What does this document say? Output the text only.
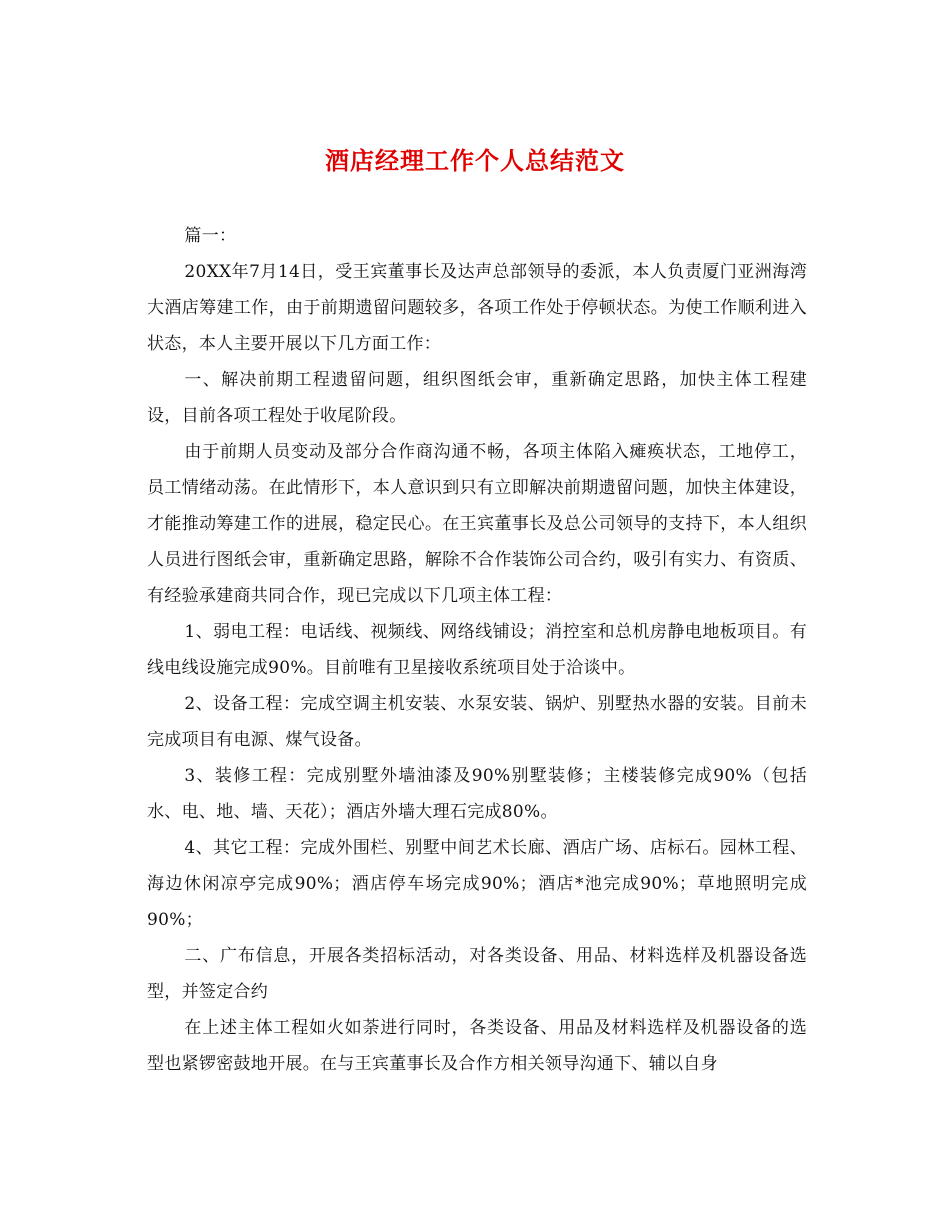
酒店经理工作个人总结范文

篇一：

20XX年7月14日，受王宾董事长及达声总部领导的委派，本人负责厦门亚洲海湾大酒店筹建工作，由于前期遗留问题较多，各项工作处于停顿状态。为使工作顺利进入状态，本人主要开展以下几方面工作：

一、解决前期工程遗留问题，组织图纸会审，重新确定思路，加快主体工程建设，目前各项工程处于收尾阶段。

由于前期人员变动及部分合作商沟通不畅，各项主体陷入瘫痪状态，工地停工，员工情绪动荡。在此情形下，本人意识到只有立即解决前期遗留问题，加快主体建设，才能推动筹建工作的进展，稳定民心。在王宾董事长及总公司领导的支持下，本人组织人员进行图纸会审，重新确定思路，解除不合作装饰公司合约，吸引有实力、有资质、有经验承建商共同合作，现已完成以下几项主体工程：

1、弱电工程：电话线、视频线、网络线铺设；消控室和总机房静电地板项目。有线电线设施完成90%。目前唯有卫星接收系统项目处于洽谈中。

2、设备工程：完成空调主机安装、水泵安装、锅炉、别墅热水器的安装。目前未完成项目有电源、煤气设备。

3、装修工程：完成别墅外墙油漆及90%别墅装修；主楼装修完成90%（包括水、电、地、墙、天花）；酒店外墙大理石完成80%。

4、其它工程：完成外围栏、别墅中间艺术长廊、酒店广场、店标石。园林工程、海边休闲凉亭完成90%；酒店停车场完成90%；酒店*池完成90%；草地照明完成90%；

二、广布信息，开展各类招标活动，对各类设备、用品、材料选样及机器设备选型，并签定合约

在上述主体工程如火如荼进行同时，各类设备、用品及材料选样及机器设备的选型也紧锣密鼓地开展。在与王宾董事长及合作方相关领导沟通下、辅以自身
